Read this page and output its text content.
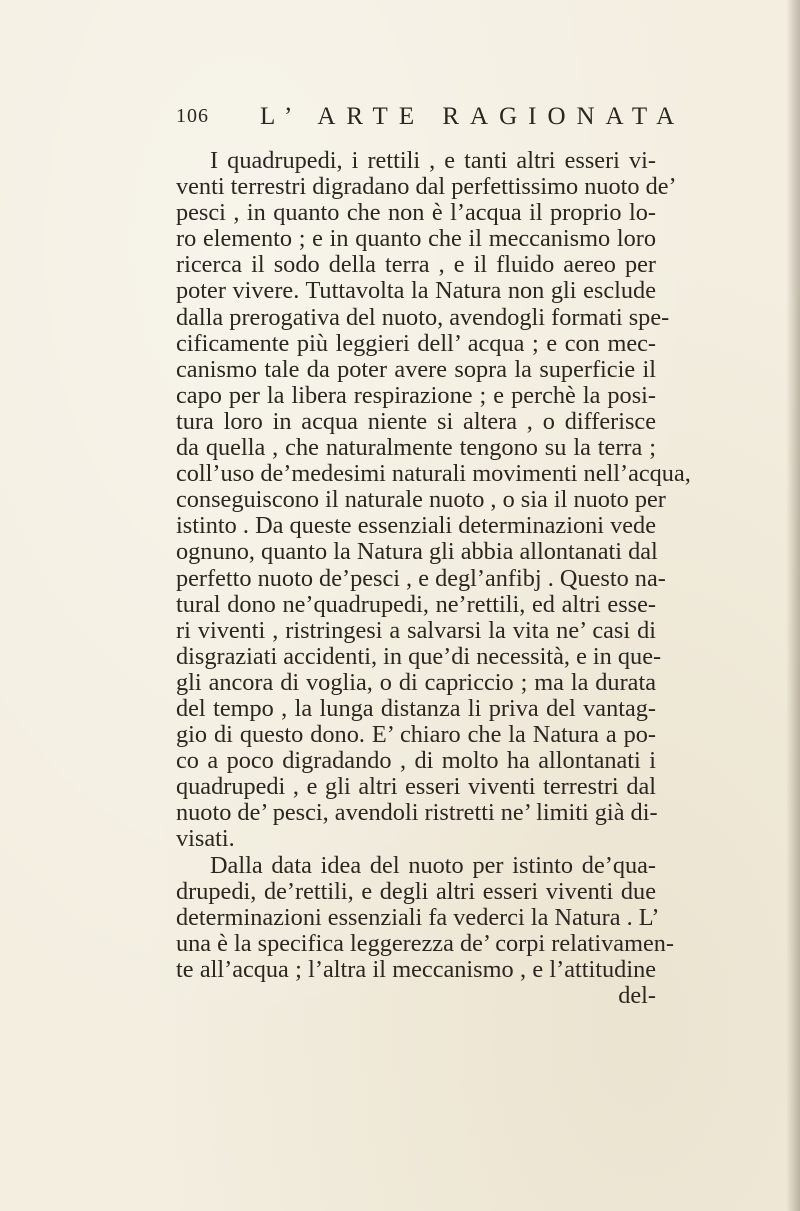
106 L’ ARTE RAGIONATA
I quadrupedi, i rettili , e tanti altri esseri vi-
venti terrestri digradano dal perfettissimo nuoto de’
pesci , in quanto che non è l’acqua il proprio lo-
ro elemento ; e in quanto che il meccanismo loro
ricerca il sodo della terra , e il fluido aereo per
poter vivere. Tuttavolta la Natura non gli esclude
dalla prerogativa del nuoto, avendogli formati spe-
cificamente più leggieri dell’ acqua ; e con mec-
canismo tale da poter avere sopra la superficie il
capo per la libera respirazione ; e perchè la posi-
tura loro in acqua niente si altera , o differisce
da quella , che naturalmente tengono su la terra ;
coll’uso de’medesimi naturali movimenti nell’acqua,
conseguiscono il naturale nuoto , o sia il nuoto per
istinto . Da queste essenziali determinazioni vede
ognuno, quanto la Natura gli abbia allontanati dal
perfetto nuoto de’pesci , e degl’anfibj . Questo na-
tural dono ne’quadrupedi, ne’rettili, ed altri esse-
ri viventi , ristringesi a salvarsi la vita ne’ casi di
disgraziati accidenti, in que’di necessità, e in que-
gli ancora di voglia, o di capriccio ; ma la durata
del tempo , la lunga distanza li priva del vantag-
gio di questo dono. E’ chiaro che la Natura a po-
co a poco digradando , di molto ha allontanati i
quadrupedi , e gli altri esseri viventi terrestri dal
nuoto de’ pesci, avendoli ristretti ne’ limiti già di-
visati.
Dalla data idea del nuoto per istinto de’qua-
drupedi, de’rettili, e degli altri esseri viventi due
determinazioni essenziali fa vederci la Natura . L’
una è la specifica leggerezza de’ corpi relativamen-
te all’acqua ; l’altra il meccanismo , e l’attitudine
del-
